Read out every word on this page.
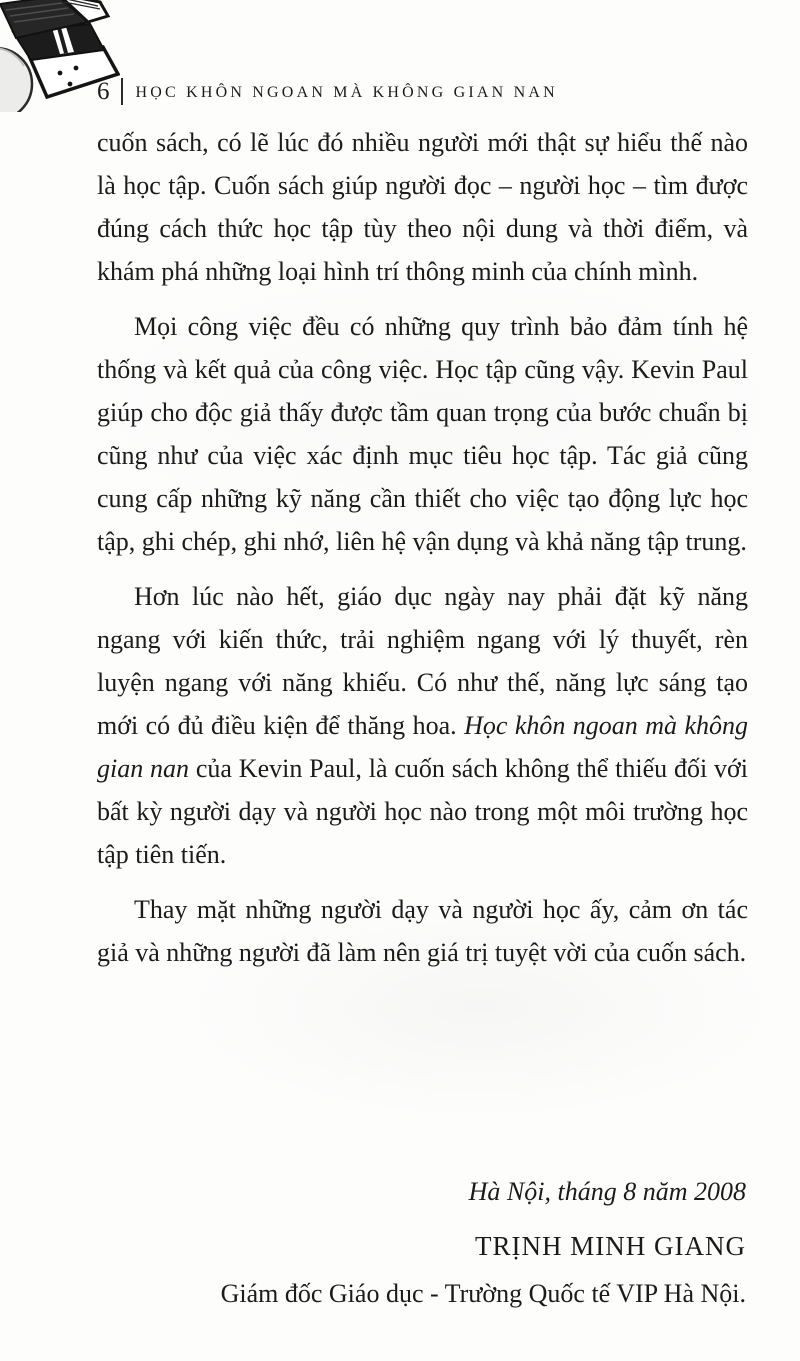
6	HỌC KHÔN NGOAN MÀ KHÔNG GIAN NAN

cuốn sách, có lẽ lúc đó nhiều người mới thật sự hiểu thế nào là học tập. Cuốn sách giúp người đọc – người học – tìm được đúng cách thức học tập tùy theo nội dung và thời điểm, và khám phá những loại hình trí thông minh của chính mình.

Mọi công việc đều có những quy trình bảo đảm tính hệ thống và kết quả của công việc. Học tập cũng vậy. Kevin Paul giúp cho độc giả thấy được tầm quan trọng của bước chuẩn bị cũng như của việc xác định mục tiêu học tập. Tác giả cũng cung cấp những kỹ năng cần thiết cho việc tạo động lực học tập, ghi chép, ghi nhớ, liên hệ vận dụng và khả năng tập trung.

Hơn lúc nào hết, giáo dục ngày nay phải đặt kỹ năng ngang với kiến thức, trải nghiệm ngang với lý thuyết, rèn luyện ngang với năng khiếu. Có như thế, năng lực sáng tạo mới có đủ điều kiện để thăng hoa. Học khôn ngoan mà không gian nan của Kevin Paul, là cuốn sách không thể thiếu đối với bất kỳ người dạy và người học nào trong một môi trường học tập tiên tiến.

Thay mặt những người dạy và người học ấy, cảm ơn tác giả và những người đã làm nên giá trị tuyệt vời của cuốn sách.

Hà Nội, tháng 8 năm 2008

TRỊNH MINH GIANG

Giám đốc Giáo dục - Trường Quốc tế VIP Hà Nội.
